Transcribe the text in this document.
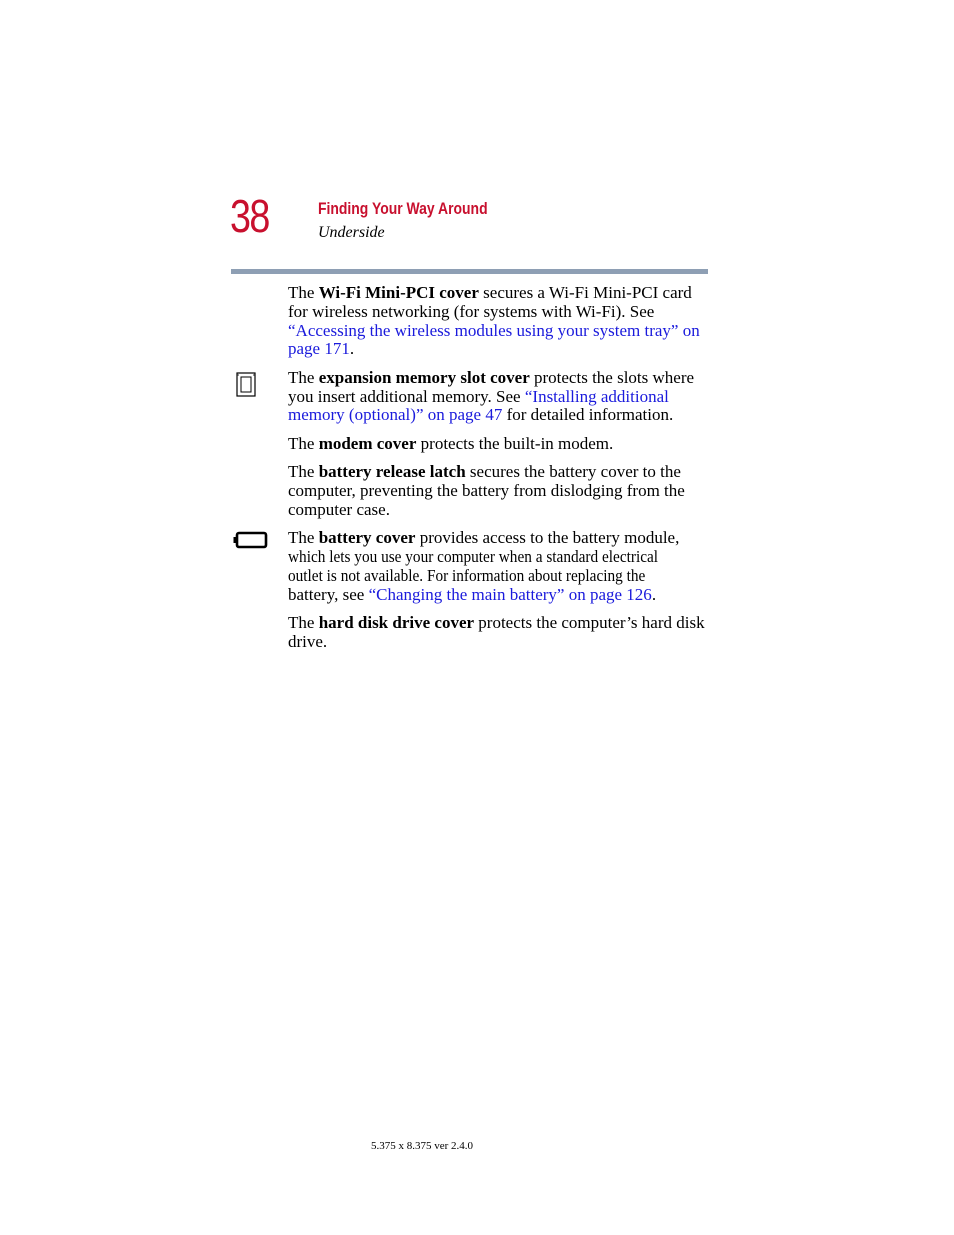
38	Finding Your Way Around
Underside

The Wi-Fi Mini-PCI cover secures a Wi-Fi Mini-PCI card
for wireless networking (for systems with Wi-Fi). See
“Accessing the wireless modules using your system tray” on
page 171.

The expansion memory slot cover protects the slots where
you insert additional memory. See “Installing additional
memory (optional)” on page 47 for detailed information.

The modem cover protects the built-in modem.

The battery release latch secures the battery cover to the
computer, preventing the battery from dislodging from the
computer case.

The battery cover provides access to the battery module,
which lets you use your computer when a standard electrical
outlet is not available. For information about replacing the
battery, see “Changing the main battery” on page 126.

The hard disk drive cover protects the computer’s hard disk
drive.

5.375 x 8.375 ver 2.4.0
